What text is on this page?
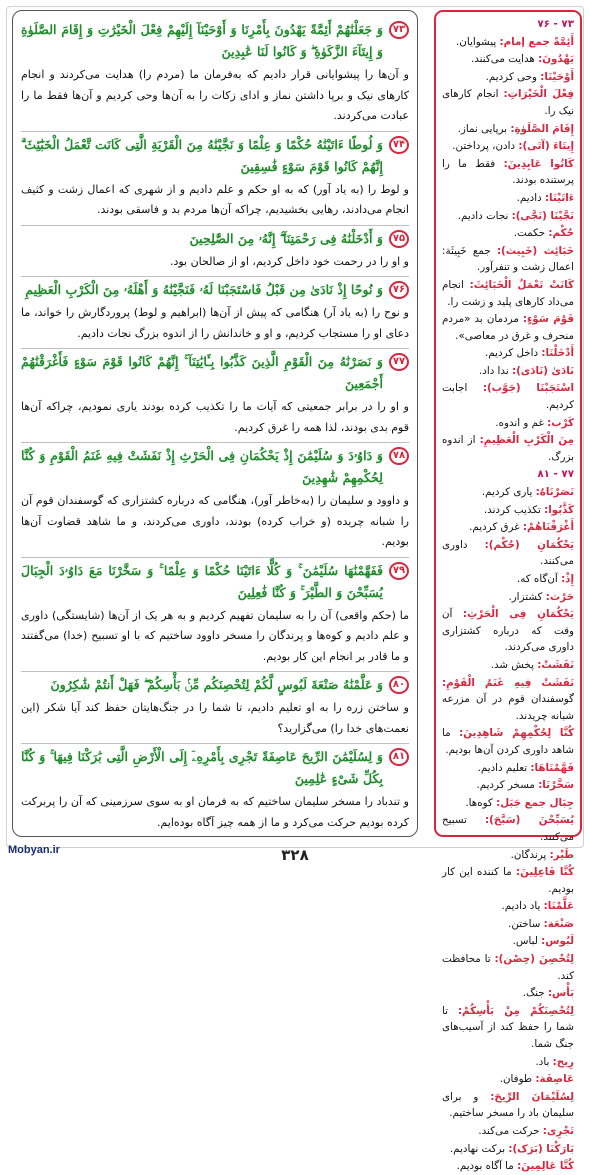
۷۳ - ۷۶

أَئِمَّةً جمع إمام: پیشوایان.

یَهْدُونَ: هدایت می‌کنند.

أَوْحَیْنَا: وحی کردیم.

فِعْلَ الْخَیْرَاتِ: انجام کارهای نیک را.

إِقَامَ الصَّلَوٰةِ: برپایی نماز.

إِیتَاءَ (آتَی): دادن، پرداختن.

کَانُوا عَابِدِینَ: فقط ما را پرستنده بودند.

ءَاتَیْنَا: دادیم.

نَجَّیْنَا (نَجَّی): نجات دادیم.

حُکْم: حکمت.

خَبَائِث (خَبِیث): جمع خَبِیثَة: اعمال زشت و تنفرآور.

کَانَتْ تَعْمَلُ الْخَبَائِثَ: انجام می‌داد کارهای پلید و زشت را.

قَوْمَ سَوْءٍ: مردمان بد «مردم منحرف و غرق در معاصی».

أَدْخَلْنَا: داخل کردیم.

نَادَىٰ (نَادَى): ندا داد.

اسْتَجَبْنَا (جَوَّب): اجابت کردیم.

کَرْب: غم و اندوه.

مِنَ الْکَرْبِ الْعَظِیمِ: از اندوه بزرگ.

۷۷ - ۸۱

نَصَرْنَاهُ: یاری کردیم.

کَذَّبُوا: تکذیب کردند.

أَغْرَقْنَاهُمْ: غرق کردیم.

یَحْکُمَانِ (حُکْم): داوری می‌کنند.

إِذْ: آن‌گاه که.

حَرْث: کشتزار.

یَحْکُمَانِ فِی الْحَرْثِ: آن وقت که درباره کشتزاری داوری می‌کردند.

نَفَشَتْ: پخش شد.

نَفَشَتْ فِیهِ غَنَمُ الْقَوْمِ: گوسفندان قوم در آن مزرعه شبانه چریدند.

کُنَّا لِحُکْمِهِمْ شَاهِدِینَ: ما شاهد داوری کردن آن‌ها بودیم.

فَهَّمْنَاهَا: تعلیم دادیم.

سَخَّرْنَا: مسخر کردیم.

جِبَال جمع جَبَل: کوه‌ها.

یُسَبِّحْنَ (سَبَّحَ): تسبیح می‌کنند.

طَیْر: پرندگان.

کُنَّا فَاعِلِینَ: ما کننده این کار بودیم.

عَلَّمْنَا: یاد دادیم.

صَنْعَة: ساختن.

لَبُوس: لباس.

لِتُحْصِنَ (حِصْن): تا محافظت کند.

بَأْس: جنگ.

لِتُحْصِنَکُمْ مِنْ بَأْسِکُمْ: تا شما را حفظ کند از آسیب‌های جنگ شما.

رِیح: باد.

عَاصِفَة: طوفان.

لِسُلَیْمَانَ الرِّیحَ: و برای سلیمان باد را مسخر ساختیم.

تَجْرِی: حرکت می‌کند.

بَارَکْنَا (بَرَک): برکت نهادیم.

کُنَّا عَالِمِینَ: ما آگاه بودیم.

۷۳
وَ جَعَلْنَٰهُمْ أَئِمَّةً یَهْدُونَ بِأَمْرِنَا وَ أَوْحَیْنَآ إِلَیْهِمْ فِعْلَ الْخَیْرَٰتِ وَ إِقَامَ الصَّلَوٰةِ وَ إِیتَآءَ الزَّکَوٰةِ ۖ وَ کَانُوا لَنَا عَٰبِدِینَ
و آن‌ها را پیشوایانی قرار دادیم که به‌فرمان ما (مردم را) هدایت می‌کردند و انجام کارهای نیک و برپا داشتن نماز و ادای زکات را به آن‌ها وحی کردیم و آن‌ها فقط ما را عبادت می‌کردند.
۷۴
وَ لُوطًا ءَاتَیْنَٰهُ حُکْمًا وَ عِلْمًا وَ نَجَّیْنَٰهُ مِنَ الْقَرْیَةِ الَّتِی کَانَت تَّعْمَلُ الْخَبَٰٓئِثَ ۗ إِنَّهُمْ کَانُوا قَوْمَ سَوْءٍ فَٰسِقِینَ
و لوط را (به یاد آور) که به او حکم و علم دادیم و از شهری که اعمال زشت و کثیف انجام می‌دادند، رهایی بخشیدیم، چراکه آن‌ها مردم بد و فاسقی بودند.
۷۵
وَ أَدْخَلْنَٰهُ فِی رَحْمَتِنَآ ۖ إِنَّهُۥ مِنَ الصَّٰلِحِینَ
و او را در رحمت خود داخل کردیم، او از صالحان بود.
۷۶
وَ نُوحًا إِذْ نَادَىٰ مِن قَبْلُ فَاسْتَجَبْنَا لَهُۥ فَنَجَّیْنَٰهُ وَ أَهْلَهُۥ مِنَ الْکَرْبِ الْعَظِیمِ
و نوح را (به یاد آر) هنگامی که پیش از آن‌ها (ابراهیم و لوط) پروردگارش را خواند، ما دعای او را مستجاب کردیم، و او و خاندانش را از اندوه بزرگ نجات دادیم.
۷۷
وَ نَصَرْنَٰهُ مِنَ الْقَوْمِ الَّذِینَ کَذَّبُوا بِـَٔایَٰتِنَآ ۚ إِنَّهُمْ کَانُوا قَوْمَ سَوْءٍ فَأَغْرَقْنَٰهُمْ أَجْمَعِینَ
و او را در برابر جمعیتی که آیات ما را تکذیب کرده بودند یاری نمودیم، چراکه آن‌ها قوم بدی بودند، لذا همه را غرق کردیم.
۷۸
وَ دَاوُۥدَ وَ سُلَیْمَٰنَ إِذْ یَحْکُمَانِ فِی الْحَرْثِ إِذْ نَفَشَتْ فِیهِ غَنَمُ الْقَوْمِ وَ کُنَّا لِحُکْمِهِمْ شَٰهِدِینَ
و داوود و سلیمان را (به‌خاطر آور)، هنگامی که درباره کشتزاری که گوسفندان قوم آن را شبانه چریده (و خراب کرده) بودند، داوری می‌کردند، و ما شاهد قضاوت آن‌ها بودیم.
۷۹
فَفَهَّمْنَٰهَا سُلَیْمَٰنَ ۚ وَ کُلًّا ءَاتَیْنَا حُکْمًا وَ عِلْمًا ۚ وَ سَخَّرْنَا مَعَ دَاوُۥدَ الْجِبَالَ یُسَبِّحْنَ وَ الطَّیْرَ ۚ وَ کُنَّا فَٰعِلِینَ
ما (حکم واقعی) آن را به سلیمان تفهیم کردیم و به هر یک از آن‌ها (شایستگی) داوری و علم دادیم و کوه‌ها و پرندگان را مسخر داوود ساختیم که با او تسبیح (خدا) می‌گفتند و ما قادر بر انجام این کار بودیم.
۸۰
وَ عَلَّمْنَٰهُ صَنْعَةَ لَبُوسٍ لَّکُمْ لِتُحْصِنَکُم مِّنۢ بَأْسِکُمْ ۖ فَهَلْ أَنتُمْ شَٰکِرُونَ
و ساختن زره را به او تعلیم دادیم، تا شما را در جنگ‌هایتان حفظ کند آیا شکر (این نعمت‌های خدا را) می‌گزارید؟
۸۱
وَ لِسُلَیْمَٰنَ الرِّیحَ عَاصِفَةً تَجْرِی بِأَمْرِهِۦٓ إِلَى الْأَرْضِ الَّتِی بَٰرَکْنَا فِیهَا ۚ وَ کُنَّا بِکُلِّ شَیْءٍ عَٰلِمِینَ
و تندباد را مسخر سلیمان ساختیم که به فرمان او به سوی سرزمینی که آن را پربرکت کرده بودیم حرکت می‌کرد و ما از همه چیز آگاه بوده‌ایم.
Mobyan.ir	۳۲۸
